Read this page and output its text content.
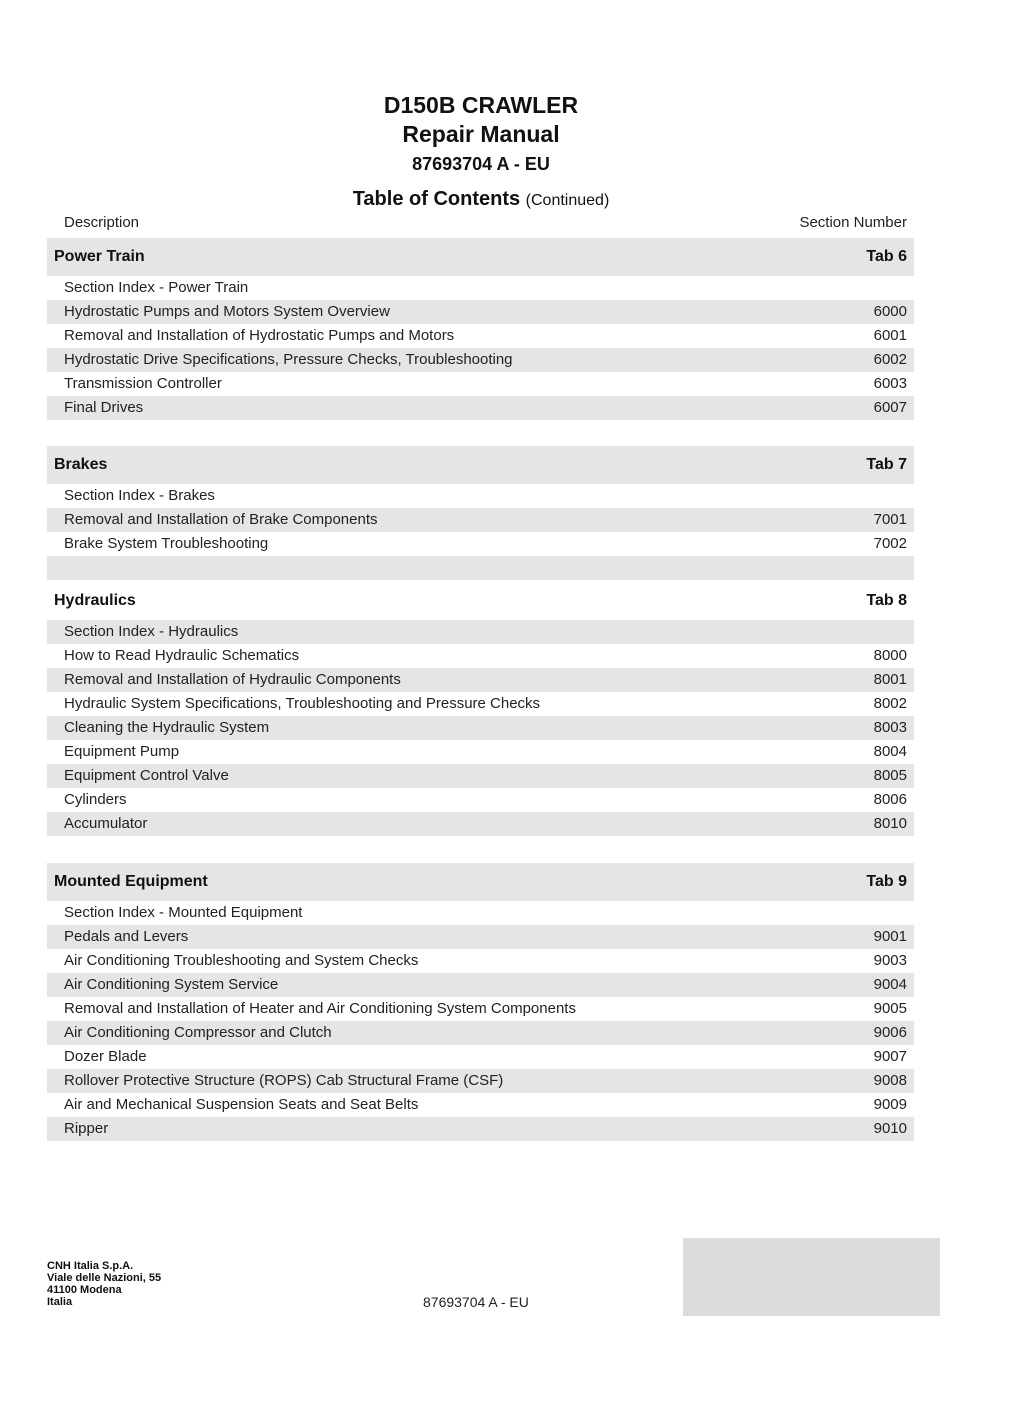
D150B CRAWLER
Repair Manual
87693704 A - EU
Table of Contents (Continued)
Description	Section Number
Power Train	Tab 6
Section Index - Power Train
Hydrostatic Pumps and Motors System Overview	6000
Removal and Installation of Hydrostatic Pumps and Motors	6001
Hydrostatic Drive Specifications, Pressure Checks, Troubleshooting	6002
Transmission Controller	6003
Final Drives	6007
Brakes	Tab 7
Section Index - Brakes
Removal and Installation of Brake Components	7001
Brake System Troubleshooting	7002
Hydraulics	Tab 8
Section Index - Hydraulics
How to Read Hydraulic Schematics	8000
Removal and Installation of Hydraulic Components	8001
Hydraulic System Specifications, Troubleshooting and Pressure Checks	8002
Cleaning the Hydraulic System	8003
Equipment Pump	8004
Equipment Control Valve	8005
Cylinders	8006
Accumulator	8010
Mounted Equipment	Tab 9
Section Index - Mounted Equipment
Pedals and Levers	9001
Air Conditioning Troubleshooting and System Checks	9003
Air Conditioning System Service	9004
Removal and Installation of Heater and Air Conditioning System Components	9005
Air Conditioning Compressor and Clutch	9006
Dozer Blade	9007
Rollover Protective Structure (ROPS) Cab Structural Frame (CSF)	9008
Air and Mechanical Suspension Seats and Seat Belts	9009
Ripper	9010
CNH Italia S.p.A.
Viale delle Nazioni, 55
41100 Modena
Italia	87693704 A - EU
